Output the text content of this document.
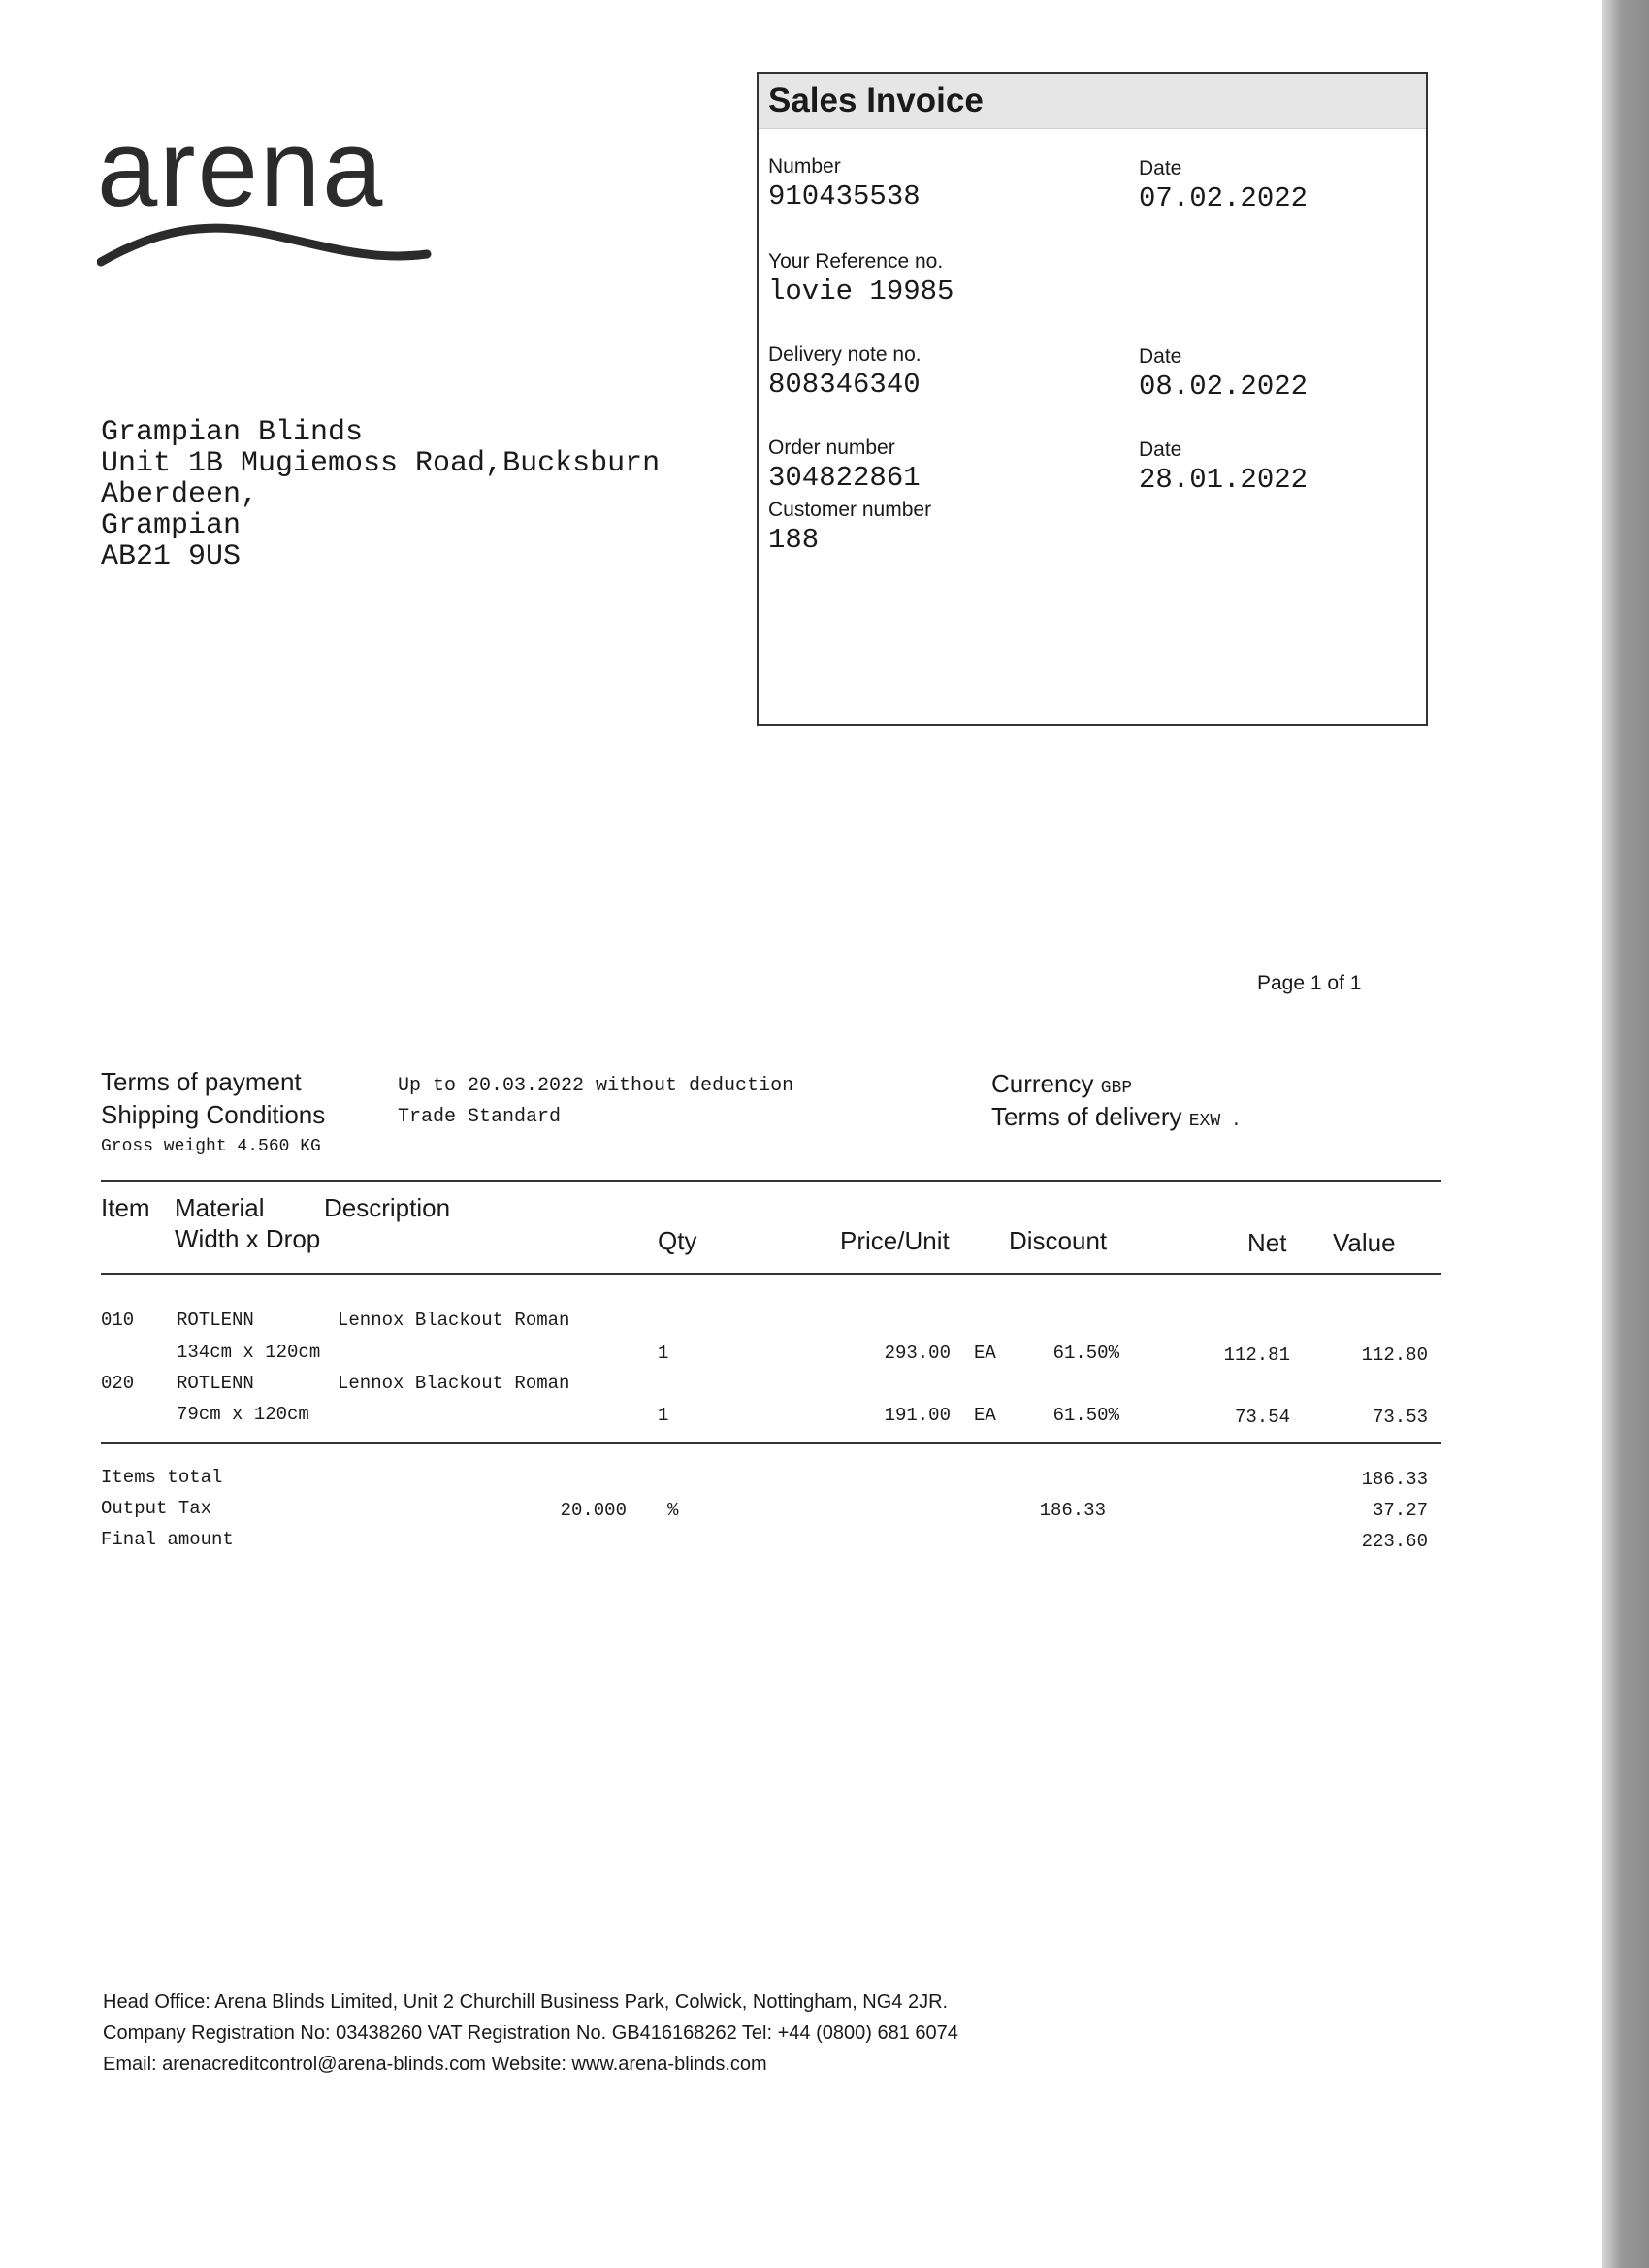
arena
Grampian Blinds
Unit 1B Mugiemoss Road,Bucksburn
Aberdeen,
Grampian
AB21 9US
Sales Invoice
Number
910435538
Date
07.02.2022
Your Reference no.
lovie 19985
Delivery note no.
808346340
Date
08.02.2022
Order number
304822861
Date
28.01.2022
Customer number
188
Page 1 of 1
Terms of payment	Up to 20.03.2022 without deduction
Shipping Conditions	Trade Standard
Gross weight 4.560 KG
Currency GBP
Terms of delivery EXW .
Item Material Description
Width x Drop	Qty	Price/Unit Discount	Net Value
010 ROTLENN	Lennox Blackout Roman
134cm x 120cm	1	293.00 EA	61.50%	112.81	112.80
020 ROTLENN	Lennox Blackout Roman
79cm x 120cm	1	191.00 EA	61.50%	73.54	73.53
Items total	186.33
Output Tax	20.000 %	186.33	37.27
Final amount	223.60
Head Office: Arena Blinds Limited, Unit 2 Churchill Business Park, Colwick, Nottingham, NG4 2JR.
Company Registration No: 03438260 VAT Registration No. GB416168262 Tel: +44 (0800) 681 6074
Email: arenacreditcontrol@arena-blinds.com Website: www.arena-blinds.com
